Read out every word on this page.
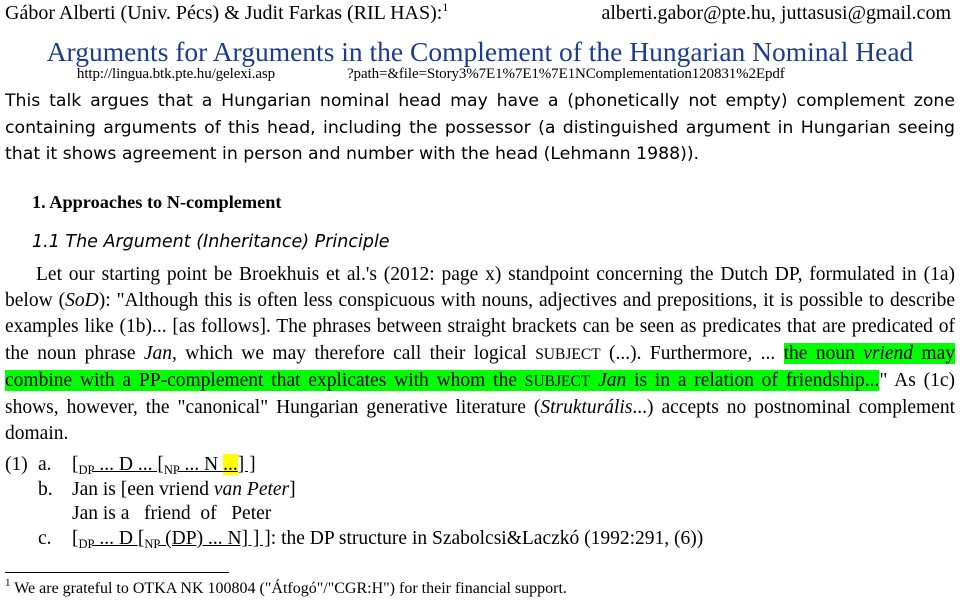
Gábor Alberti (Univ. Pécs) & Judit Farkas (RIL HAS):$^1$	alberti.gabor@pte.hu, juttasusi@gmail.com
Arguments for Arguments in the Complement of the Hungarian Nominal Head
http://lingua.btk.pte.hu/gelexi.asp	?path=&file=Story3%7E1%7E1%7E1NComplementation120831%2Epdf
This talk argues that a Hungarian nominal head may have a (phonetically not empty) complement zone containing arguments of this head, including the possessor (a distinguished argument in Hungarian seeing that it shows agreement in person and number with the head (Lehmann 1988)).
1. Approaches to N-complement
1.1 The Argument (Inheritance) Principle

Let our starting point be Broekhuis et al.'s (2012: page x) standpoint concerning the Dutch DP, formulated in (1a) below (SoD): "Although this is often less conspicuous with nouns, adjectives and prepositions, it is possible to describe examples like (1b)... [as follows]. The phrases between straight brackets can be seen as predicates that are predicated of the noun phrase Jan, which we may therefore call their logical SUBJECT (...). Furthermore, ... the noun vriend may combine with a PP-complement that explicates with whom the SUBJECT Jan is in a relation of friendship..." As (1c) shows, however, the "canonical" Hungarian generative literature (Strukturális...) accepts no postnominal complement domain.

(1) a. [$_{DP}$ ... D ... [$_{NP}$ ... N ...] ]
b. Jan is [een vriend van Peter]
Jan is a   friend  of   Peter
c. [$_{DP}$ ... D [$_{NP}$ (DP) ... N] ] ]: the DP structure in Szabolcsi&Laczkó (1992:291, (6))
$^1$ We are grateful to OTKA NK 100804 ("Átfogó"/"CGR:H") for their financial support.
